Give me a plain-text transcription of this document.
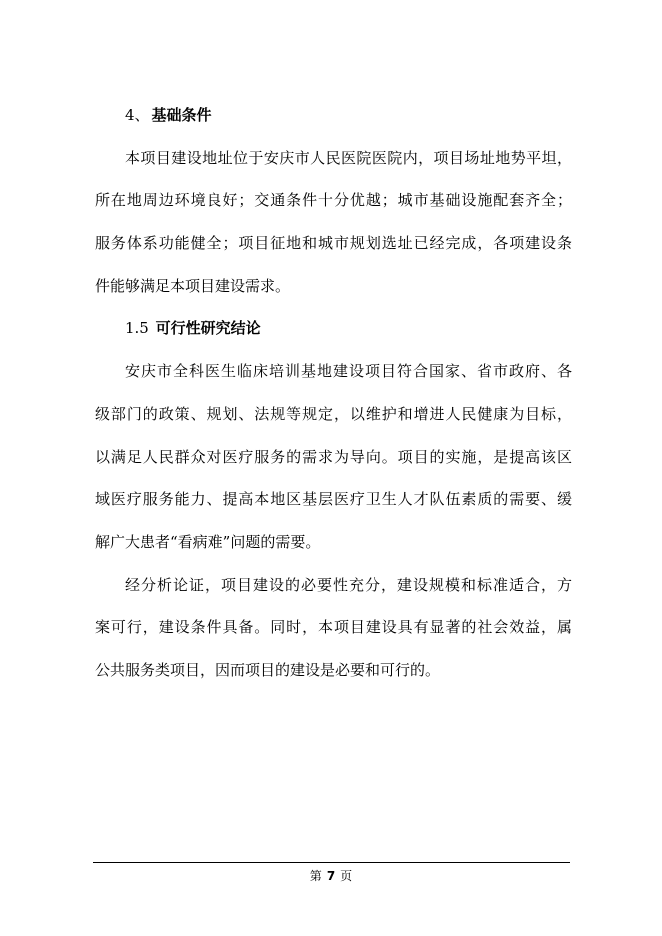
4、 基础条件
本项目建设地址位于安庆市人民医院医院内，项目场址地势平坦，
所在地周边环境良好；交通条件十分优越；城市基础设施配套齐全；
服务体系功能健全；项目征地和城市规划选址已经完成，各项建设条
件能够满足本项目建设需求。
1.5 可行性研究结论
安庆市全科医生临床培训基地建设项目符合国家、省市政府、各
级部门的政策、规划、法规等规定，以维护和增进人民健康为目标，
以满足人民群众对医疗服务的需求为导向。项目的实施，是提高该区
域医疗服务能力、提高本地区基层医疗卫生人才队伍素质的需要、缓
解广大患者“看病难”问题的需要。
经分析论证，项目建设的必要性充分，建设规模和标准适合，方
案可行，建设条件具备。同时，本项目建设具有显著的社会效益，属
公共服务类项目，因而项目的建设是必要和可行的。
第 7 页
